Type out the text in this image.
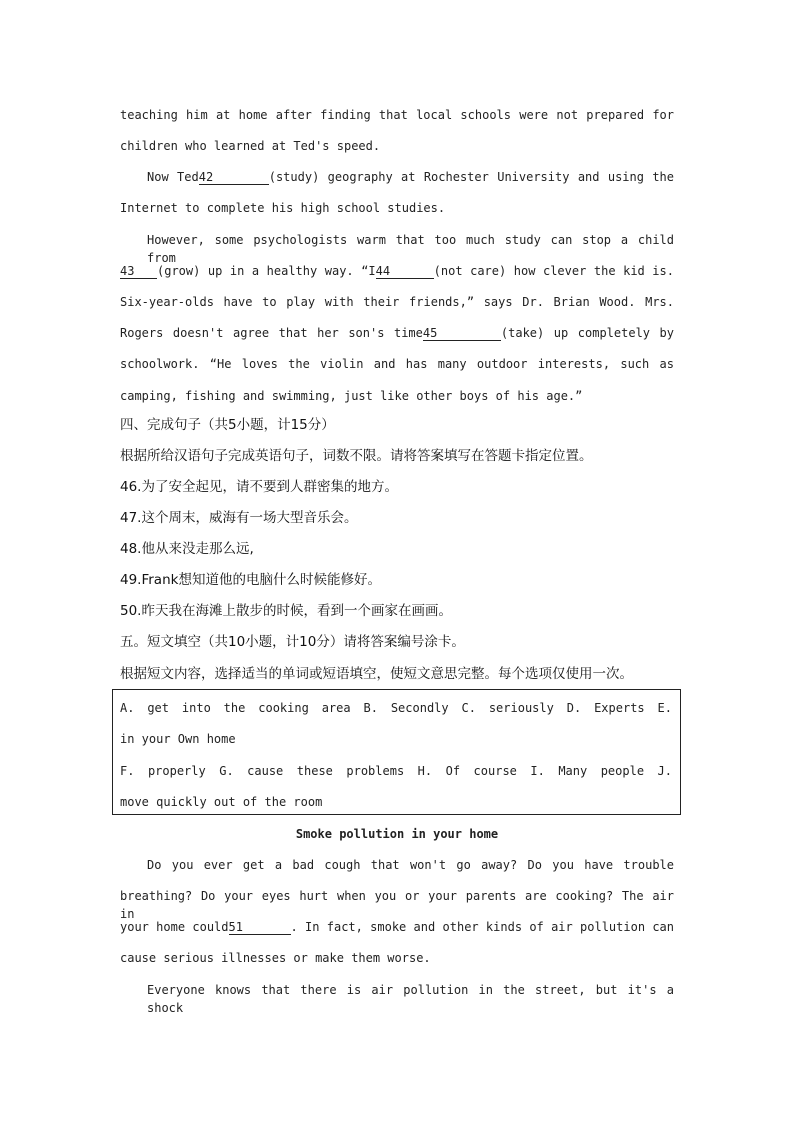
teaching him at home after finding that local schools were not prepared for
children who learned at Ted's speed.
Now Ted42	(study) geography at Rochester University and using the
Internet to complete his high school studies.
However, some psychologists warm that too much study can stop a child from
43 (grow) up in a healthy way. “I44	(not care) how clever the kid is.
Six-year-olds have to play with their friends,” says Dr. Brian Wood. Mrs.
Rogers doesn't agree that her son's time45	(take) up completely by
schoolwork. “He loves the violin and has many outdoor interests, such as
camping, fishing and swimming, just like other boys of his age.”
四、完成句子（共5小题，计15分）
根据所给汉语句子完成英语句子，词数不限。请将答案填写在答题卡指定位置。
46.为了安全起见，请不要到人群密集的地方。
47.这个周末，威海有一场大型音乐会。
48.他从来没走那么远,
49.Frank想知道他的电脑什么时候能修好。
50.昨天我在海滩上散步的时候，看到一个画家在画画。
五。短文填空（共10小题，计10分）请将答案编号涂卡。
根据短文内容，选择适当的单词或短语填空，使短文意思完整。每个选项仅使用一次。
A. get into the cooking area B. Secondly C. seriously D. Experts E.
in your Own home
F. properly G. cause these problems H. Of course I. Many people J.
move quickly out of the room
Smoke pollution in your home
Do you ever get a bad cough that won't go away? Do you have trouble
breathing? Do your eyes hurt when you or your parents are cooking? The air in
your home could51	. In fact, smoke and other kinds of air pollution can
cause serious illnesses or make them worse.
Everyone knows that there is air pollution in the street, but it's a shock
